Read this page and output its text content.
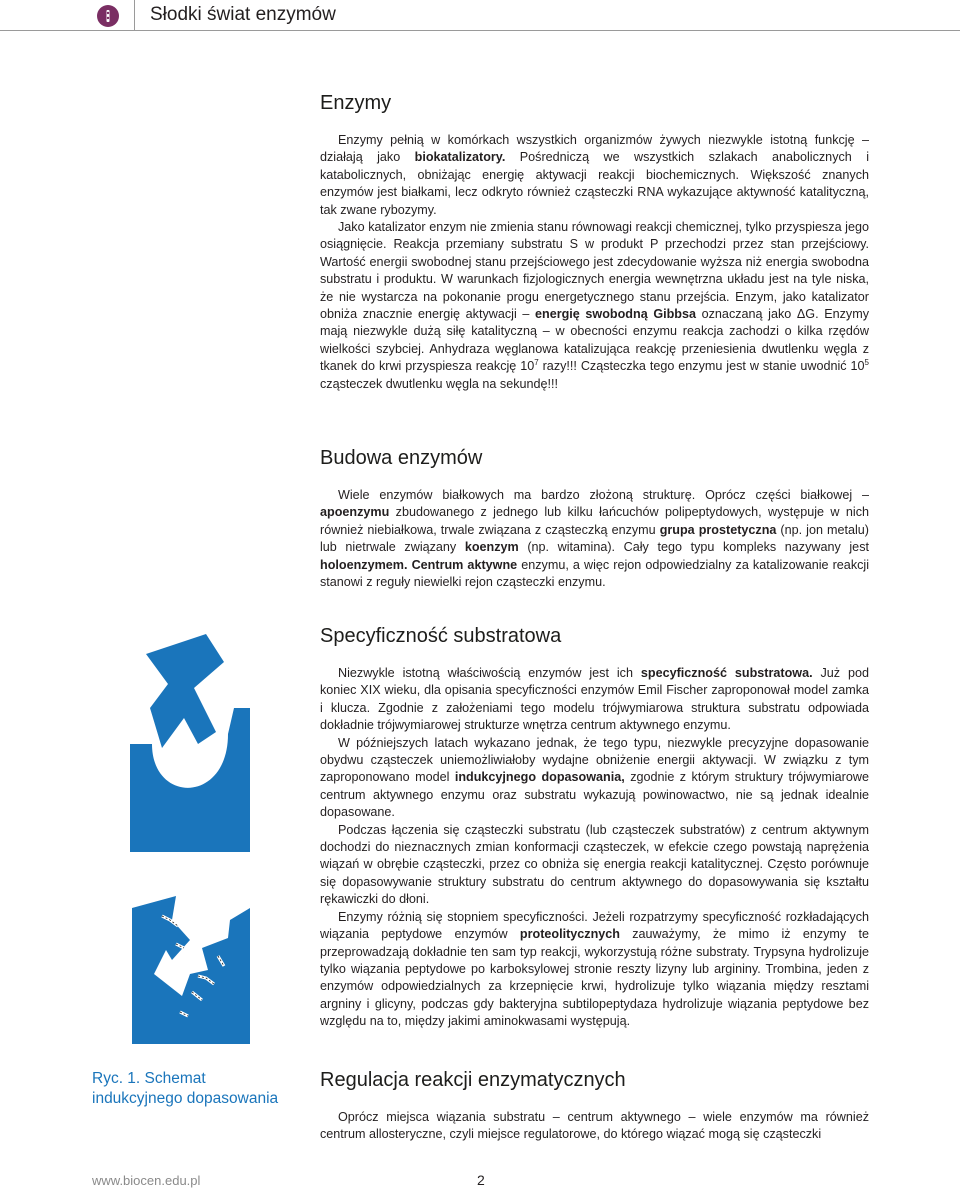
Słodki świat enzymów
Enzymy

Enzymy pełnią w komórkach wszystkich organizmów żywych niezwykle istotną funkcję – działają jako biokatalizatory. Pośredniczą we wszystkich szlakach anabolicznych i katabolicznych, obniżając energię aktywacji reakcji biochemicznych. Większość znanych enzymów jest białkami, lecz odkryto również cząsteczki RNA wykazujące aktywność katalityczną, tak zwane rybozymy.

Jako katalizator enzym nie zmienia stanu równowagi reakcji chemicznej, tylko przyspiesza jego osiągnięcie. Reakcja przemiany substratu S w produkt P przechodzi przez stan przejściowy. Wartość energii swobodnej stanu przejściowego jest zdecydowanie wyższa niż energia swobodna substratu i produktu. W warunkach fizjologicznych energia wewnętrzna układu jest na tyle niska, że nie wystarcza na pokonanie progu energetycznego stanu przejścia. Enzym, jako katalizator obniża znacznie energię aktywacji – energię swobodną Gibbsa oznaczaną jako ΔG. Enzymy mają niezwykle dużą siłę katalityczną – w obecności enzymu reakcja zachodzi o kilka rzędów wielkości szybciej. Anhydraza węglanowa katalizująca reakcję przeniesienia dwutlenku węgla z tkanek do krwi przyspiesza reakcję $10^7$ razy!!! Cząsteczka tego enzymu jest w stanie uwodnić $10^5$ cząsteczek dwutlenku węgla na sekundę!!!

Budowa enzymów

Wiele enzymów białkowych ma bardzo złożoną strukturę. Oprócz części białkowej – apoenzymu zbudowanego z jednego lub kilku łańcuchów polipeptydowych, występuje w nich również niebiałkowa, trwale związana z cząsteczką enzymu grupa prostetyczna (np. jon metalu) lub nietrwale związany koenzym (np. witamina). Cały tego typu kompleks nazywany jest holoenzymem. Centrum aktywne enzymu, a więc rejon odpowiedzialny za katalizowanie reakcji stanowi z reguły niewielki rejon cząsteczki enzymu.

Specyficzność substratowa

Niezwykle istotną właściwością enzymów jest ich specyficzność substratowa. Już pod koniec XIX wieku, dla opisania specyficzności enzymów Emil Fischer zaproponował model zamka i klucza. Zgodnie z założeniami tego modelu trójwymiarowa struktura substratu odpowiada dokładnie trójwymiarowej strukturze wnętrza centrum aktywnego enzymu.

W późniejszych latach wykazano jednak, że tego typu, niezwykle precyzyjne dopasowanie obydwu cząsteczek uniemożliwiałoby wydajne obniżenie energii aktywacji. W związku z tym zaproponowano model indukcyjnego dopasowania, zgodnie z którym struktury trójwymiarowe centrum aktywnego enzymu oraz substratu wykazują powinowactwo, nie są jednak idealnie dopasowane.

Podczas łączenia się cząsteczki substratu (lub cząsteczek substratów) z centrum aktywnym dochodzi do nieznacznych zmian konformacji cząsteczek, w efekcie czego powstają naprężenia wiązań w obrębie cząsteczki, przez co obniża się energia reakcji katalitycznej. Często porównuje się dopasowywanie struktury substratu do centrum aktywnego do dopasowywania się kształtu rękawiczki do dłoni.

Enzymy różnią się stopniem specyficzności. Jeżeli rozpatrzymy specyficzność rozkładających wiązania peptydowe enzymów proteolitycznych zauważymy, że mimo iż enzymy te przeprowadzają dokładnie ten sam typ reakcji, wykorzystują różne substraty. Trypsyna hydrolizuje tylko wiązania peptydowe po karboksylowej stronie reszty lizyny lub argininy. Trombina, jeden z enzymów odpowiedzialnych za krzepnięcie krwi, hydrolizuje tylko wiązania między resztami argniny i glicyny, podczas gdy bakteryjna subtilopeptydaza hydrolizuje wiązania peptydowe bez względu na to, między jakimi aminokwasami występują.

Ryc. 1. Schemat
indukcyjnego dopasowania
Regulacja reakcji enzymatycznych

Oprócz miejsca wiązania substratu – centrum aktywnego – wiele enzymów ma również centrum allosteryczne, czyli miejsce regulatorowe, do którego wiązać mogą się cząsteczki

www.biocen.edu.pl	2
